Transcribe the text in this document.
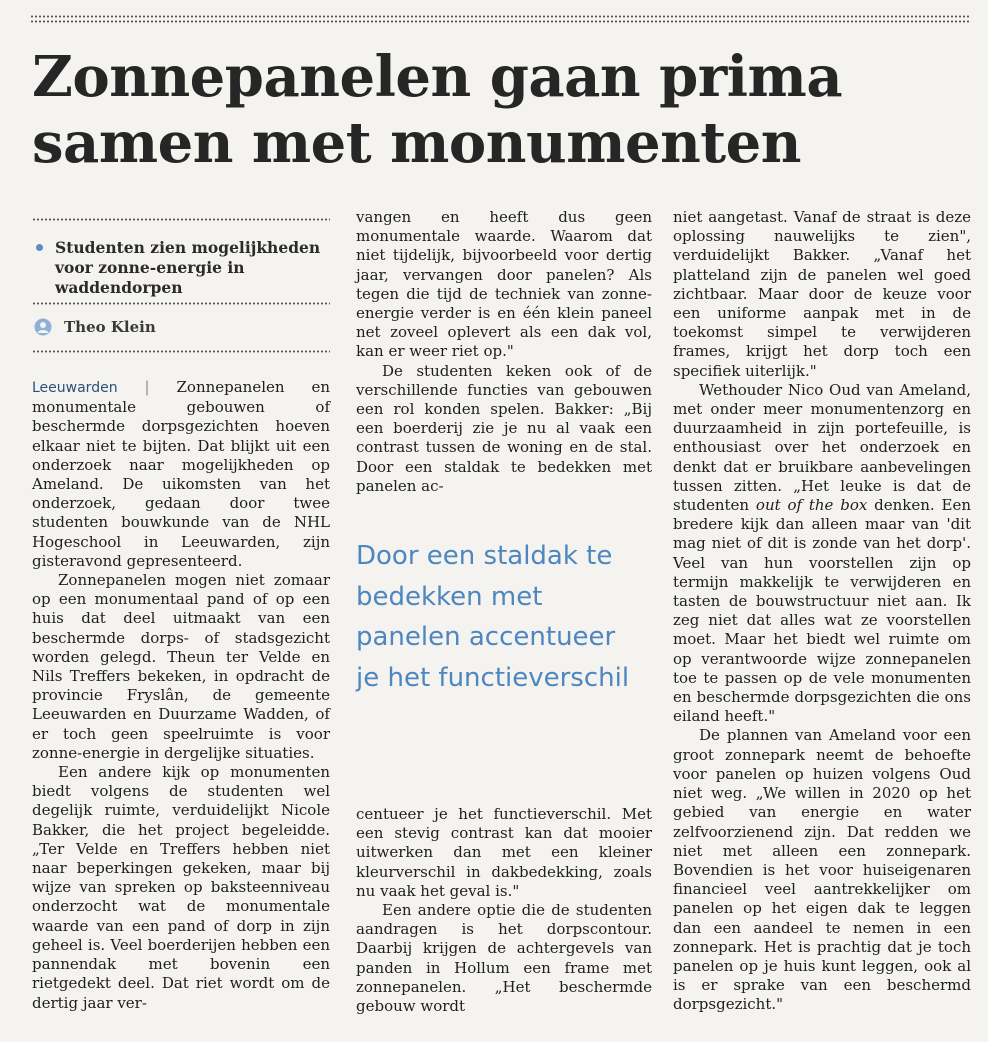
Zonnepanelen gaan prima samen met monumenten
Studenten zien mogelijkheden voor zonne-energie in waddendorpen
Theo Klein

Leeuwarden | Zonnepanelen en monumentale gebouwen of beschermde dorpsgezichten hoeven elkaar niet te bijten. Dat blijkt uit een onderzoek naar mogelijkheden op Ameland. De uikomsten van het onderzoek, gedaan door twee studenten bouwkunde van de NHL Hogeschool in Leeuwarden, zijn gisteravond gepresenteerd.

Zonnepanelen mogen niet zomaar op een monumentaal pand of op een huis dat deel uitmaakt van een beschermde dorps- of stadsgezicht worden gelegd. Theun ter Velde en Nils Treffers bekeken, in opdracht de provincie Fryslân, de gemeente Leeuwarden en Duurzame Wadden, of er toch geen speelruimte is voor zonne-energie in dergelijke situaties.

Een andere kijk op monumenten biedt volgens de studenten wel degelijk ruimte, verduidelijkt Nicole Bakker, die het project begeleidde. „Ter Velde en Treffers hebben niet naar beperkingen gekeken, maar bij wijze van spreken op baksteenniveau onderzocht wat de monumentale waarde van een pand of dorp in zijn geheel is. Veel boerderijen hebben een pannendak met bovenin een rietgedekt deel. Dat riet wordt om de dertig jaar ver-

vangen en heeft dus geen monumentale waarde. Waarom dat niet tijdelijk, bijvoorbeeld voor dertig jaar, vervangen door panelen? Als tegen die tijd de techniek van zonne-energie verder is en één klein paneel net zoveel oplevert als een dak vol, kan er weer riet op."

De studenten keken ook of de verschillende functies van gebouwen een rol konden spelen. Bakker: „Bij een boerderij zie je nu al vaak een contrast tussen de woning en de stal. Door een staldak te bedekken met panelen ac-

Door een staldak te bedekken met panelen accentueer je het functieverschil

centueer je het functieverschil. Met een stevig contrast kan dat mooier uitwerken dan met een kleiner kleurverschil in dakbedekking, zoals nu vaak het geval is."

Een andere optie die de studenten aandragen is het dorpscontour. Daarbij krijgen de achtergevels van panden in Hollum een frame met zonnepanelen. „Het beschermde gebouw wordt

niet aangetast. Vanaf de straat is deze oplossing nauwelijks te zien", verduidelijkt Bakker. „Vanaf het platteland zijn de panelen wel goed zichtbaar. Maar door de keuze voor een uniforme aanpak met in de toekomst simpel te verwijderen frames, krijgt het dorp toch een specifiek uiterlijk."

Wethouder Nico Oud van Ameland, met onder meer monumentenzorg en duurzaamheid in zijn portefeuille, is enthousiast over het onderzoek en denkt dat er bruikbare aanbevelingen tussen zitten. „Het leuke is dat de studenten out of the box denken. Een bredere kijk dan alleen maar van 'dit mag niet of dit is zonde van het dorp'. Veel van hun voorstellen zijn op termijn makkelijk te verwijderen en tasten de bouwstructuur niet aan. Ik zeg niet dat alles wat ze voorstellen moet. Maar het biedt wel ruimte om op verantwoorde wijze zonnepanelen toe te passen op de vele monumenten en beschermde dorpsgezichten die ons eiland heeft."

De plannen van Ameland voor een groot zonnepark neemt de behoefte voor panelen op huizen volgens Oud niet weg. „We willen in 2020 op het gebied van energie en water zelfvoorzienend zijn. Dat redden we niet met alleen een zonnepark. Bovendien is het voor huiseigenaren financieel veel aantrekkelijker om panelen op het eigen dak te leggen dan een aandeel te nemen in een zonnepark. Het is prachtig dat je toch panelen op je huis kunt leggen, ook al is er sprake van een beschermd dorpsgezicht."
